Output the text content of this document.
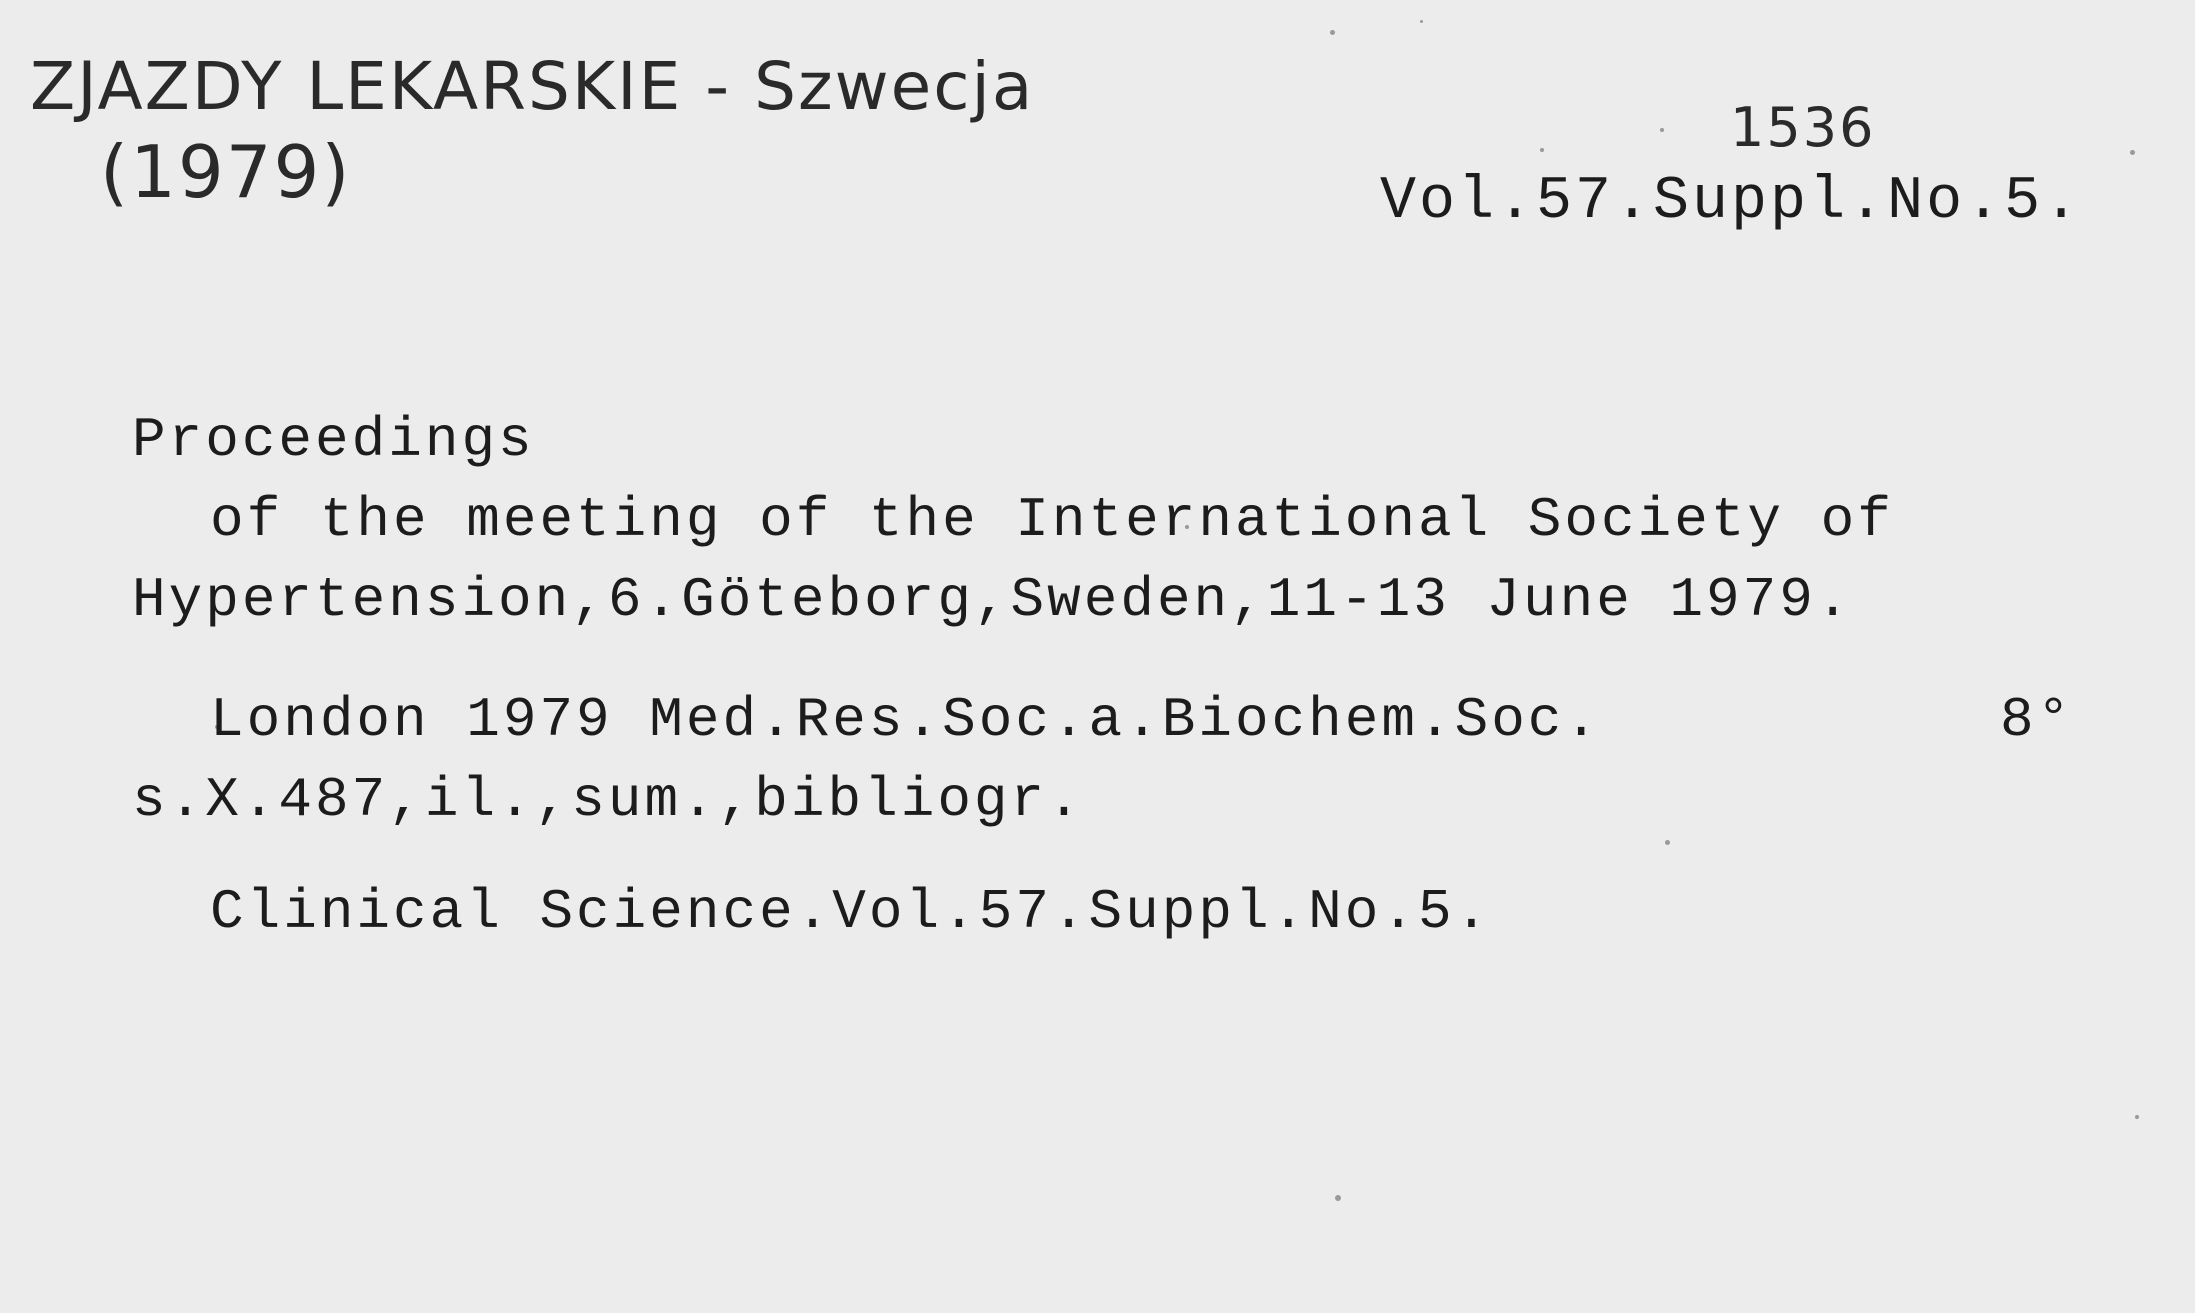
ZJAZDY LEKARSKIE - Szwecja
(1979)
1536
Vol.57.Suppl.No.5.
Proceedings
of the meeting of the International Society of
Hypertension,6.Göteborg,Sweden,11-13 June 1979.
London 1979 Med.Res.Soc.a.Biochem.Soc.	8°
s.X.487,il.,sum.,bibliogr.
Clinical Science.Vol.57.Suppl.No.5.
